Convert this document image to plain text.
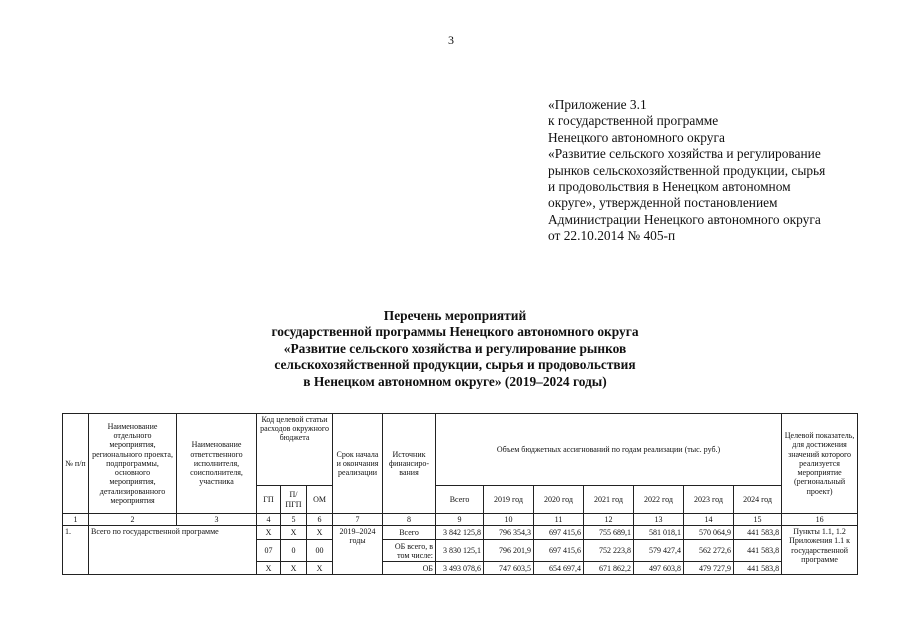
3
«Приложение 3.1
к государственной программе
Ненецкого автономного округа
«Развитие сельского хозяйства и регулирование
рынков сельскохозяйственной продукции, сырья
и продовольствия в Ненецком автономном
округе», утвержденной постановлением
Администрации Ненецкого автономного округа
от 22.10.2014 № 405-п
Перечень мероприятий
государственной программы Ненецкого автономного округа
«Развитие сельского хозяйства и регулирование рынков
сельскохозяйственной продукции, сырья и продовольствия
в Ненецком автономном округе» (2019–2024 годы)
№ п/п	Наименование отдельного мероприятия, регионального проекта, подпрограммы, основного мероприятия, детализированного мероприятия	Наименование ответственного исполнителя, соисполнителя, участника	Код целевой статьи расходов окружного бюджета			Срок начала и окончания реализации	Источник финансиро-вания	Объем бюджетных ассигнований по годам реализации (тыс. руб.)							Целевой показатель, для достижения значений которого реализуется мероприятие (региональный проект)
			ГП	П/ПГП	ОМ			Всего	2019 год	2020 год	2021 год	2022 год	2023 год	2024 год	
1	2	3	4	5	6	7	8	9	10	11	12	13	14	15	16
1.	Всего по государственной программе		Х	Х	Х	2019–2024 годы	Всего	3 842 125,8	796 354,3	697 415,6	755 689,1	581 018,1	570 064,9	441 583,8	Пункты 1.1, 1.2 Приложения 1.1 к государственной программе
			07	0	00		ОБ всего, в том числе:	3 830 125,1	796 201,9	697 415,6	752 223,8	579 427,4	562 272,6	441 583,8	
			Х	Х	Х		ОБ	3 493 078,6	747 603,5	654 697,4	671 862,2	497 603,8	479 727,9	441 583,8	
